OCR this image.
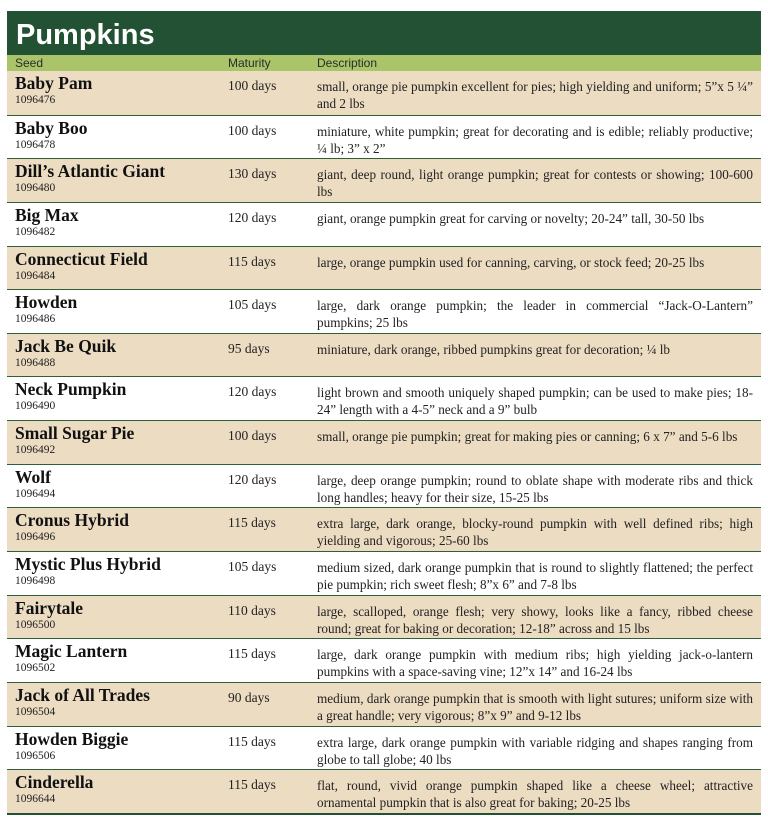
Pumpkins
Seed	Maturity	Description
Baby Pam
1096476
100 days	small, orange pie pumpkin excellent for pies; high yielding and uniform; 5”x 5 ¼” and 2 lbs
Baby Boo
1096478
100 days	miniature, white pumpkin; great for decorating and is edible; reliably productive; ¼ lb; 3” x 2”
Dill’s Atlantic Giant
1096480
130 days	giant, deep round, light orange pumpkin; great for contests or showing; 100-600 lbs
Big Max
1096482
120 days	giant, orange pumpkin great for carving or novelty; 20-24” tall, 30-50 lbs
Connecticut Field
1096484
115 days	large, orange pumpkin used for canning, carving, or stock feed; 20-25 lbs
Howden
1096486
105 days	large, dark orange pumpkin; the leader in commercial “Jack-O-Lantern” pumpkins; 25 lbs
Jack Be Quik
1096488
95 days	miniature, dark orange, ribbed pumpkins great for decoration; ¼ lb
Neck Pumpkin
1096490
120 days	light brown and smooth uniquely shaped pumpkin; can be used to make pies; 18-24” length with a 4-5” neck and a 9” bulb
Small Sugar Pie
1096492
100 days	small, orange pie pumpkin; great for making pies or canning; 6 x 7” and 5-6 lbs
Wolf
1096494
120 days	large, deep orange pumpkin; round to oblate shape with moderate ribs and thick long handles; heavy for their size, 15-25 lbs
Cronus Hybrid
1096496
115 days	extra large, dark orange, blocky-round pumpkin with well defined ribs; high yielding and vigorous; 25-60 lbs
Mystic Plus Hybrid
1096498
105 days	medium sized, dark orange pumpkin that is round to slightly flattened; the perfect pie pumpkin; rich sweet flesh; 8”x 6” and 7-8 lbs
Fairytale
1096500
110 days	large, scalloped, orange flesh; very showy, looks like a fancy, ribbed cheese round; great for baking or decoration; 12-18” across and 15 lbs
Magic Lantern
1096502
115 days	large, dark orange pumpkin with medium ribs; high yielding jack-o-lantern pumpkins with a space-saving vine; 12”x 14” and 16-24 lbs
Jack of All Trades
1096504
90 days	medium, dark orange pumpkin that is smooth with light sutures; uniform size with a great handle; very vigorous; 8”x 9” and 9-12 lbs
Howden Biggie
1096506
115 days	extra large, dark orange pumpkin with variable ridging and shapes ranging from globe to tall globe; 40 lbs
Cinderella
1096644
115 days	flat, round, vivid orange pumpkin shaped like a cheese wheel; attractive ornamental pumpkin that is also great for baking; 20-25 lbs
